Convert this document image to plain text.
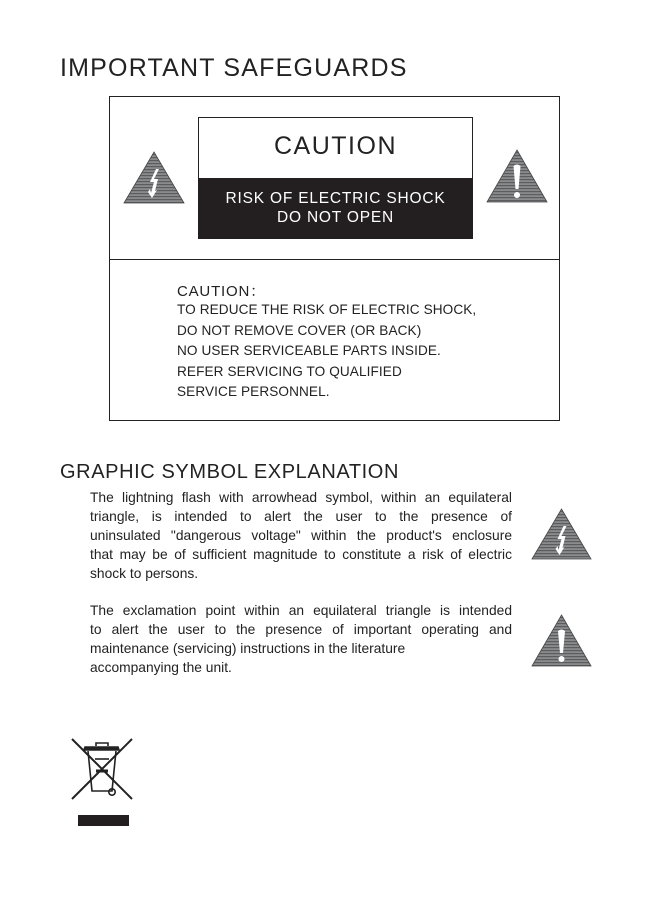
IMPORTANT SAFEGUARDS
CAUTION
RISK OF ELECTRIC SHOCK
DO NOT OPEN
CAUTION：
TO REDUCE THE RISK OF ELECTRIC SHOCK,
DO NOT REMOVE COVER (OR BACK)
NO USER SERVICEABLE PARTS INSIDE.
REFER SERVICING TO QUALIFIED
SERVICE PERSONNEL.
GRAPHIC SYMBOL EXPLANATION
The lightning flash with arrowhead symbol, within an equilateral
triangle, is intended to alert the user to the presence of
uninsulated "dangerous voltage" within the product's enclosure
that may be of sufficient magnitude to constitute a risk of electric
shock to persons.
The exclamation point within an equilateral triangle is intended
to alert the user to the presence of important operating and
maintenance (servicing) instructions in the literature
accompanying the unit.
